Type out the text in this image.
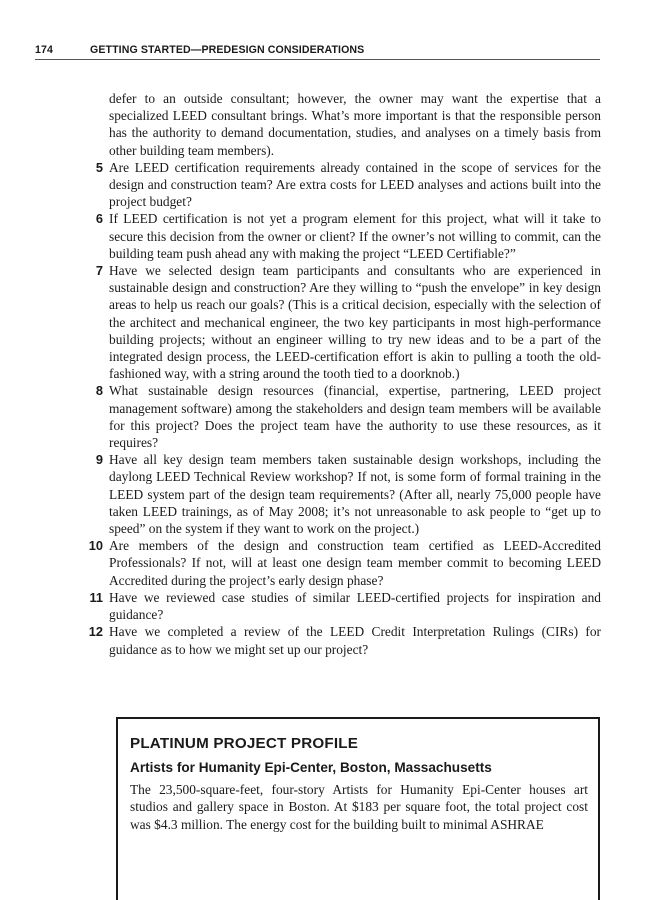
174	GETTING STARTED—PREDESIGN CONSIDERATIONS

defer to an outside consultant; however, the owner may want the expertise that a specialized LEED consultant brings. What’s more important is that the responsible person has the authority to demand documentation, studies, and analyses on a timely basis from other building team members).

5 Are LEED certification requirements already contained in the scope of services for the design and construction team? Are extra costs for LEED analyses and actions built into the project budget?
6 If LEED certification is not yet a program element for this project, what will it take to secure this decision from the owner or client? If the owner’s not willing to commit, can the building team push ahead any with making the project “LEED Certifiable?”
7 Have we selected design team participants and consultants who are experienced in sustainable design and construction? Are they willing to “push the envelope” in key design areas to help us reach our goals? (This is a critical decision, especially with the selection of the architect and mechanical engineer, the two key participants in most high-performance building projects; without an engineer willing to try new ideas and to be a part of the integrated design process, the LEED-certification effort is akin to pulling a tooth the old-fashioned way, with a string around the tooth tied to a doorknob.)
8 What sustainable design resources (financial, expertise, partnering, LEED project management software) among the stakeholders and design team members will be available for this project? Does the project team have the authority to use these resources, as it requires?
9 Have all key design team members taken sustainable design workshops, including the daylong LEED Technical Review workshop? If not, is some form of formal training in the LEED system part of the design team requirements? (After all, nearly 75,000 people have taken LEED trainings, as of May 2008; it’s not unreasonable to ask people to “get up to speed” on the system if they want to work on the project.)
10 Are members of the design and construction team certified as LEED-Accredited Professionals? If not, will at least one design team member commit to becoming LEED Accredited during the project’s early design phase?
11 Have we reviewed case studies of similar LEED-certified projects for inspiration and guidance?
12 Have we completed a review of the LEED Credit Interpretation Rulings (CIRs) for guidance as to how we might set up our project?
PLATINUM PROJECT PROFILE
Artists for Humanity Epi-Center, Boston, Massachusetts

The 23,500-square-feet, four-story Artists for Humanity Epi-Center houses art studios and gallery space in Boston. At $183 per square foot, the total project cost was $4.3 million. The energy cost for the building built to minimal ASHRAE
